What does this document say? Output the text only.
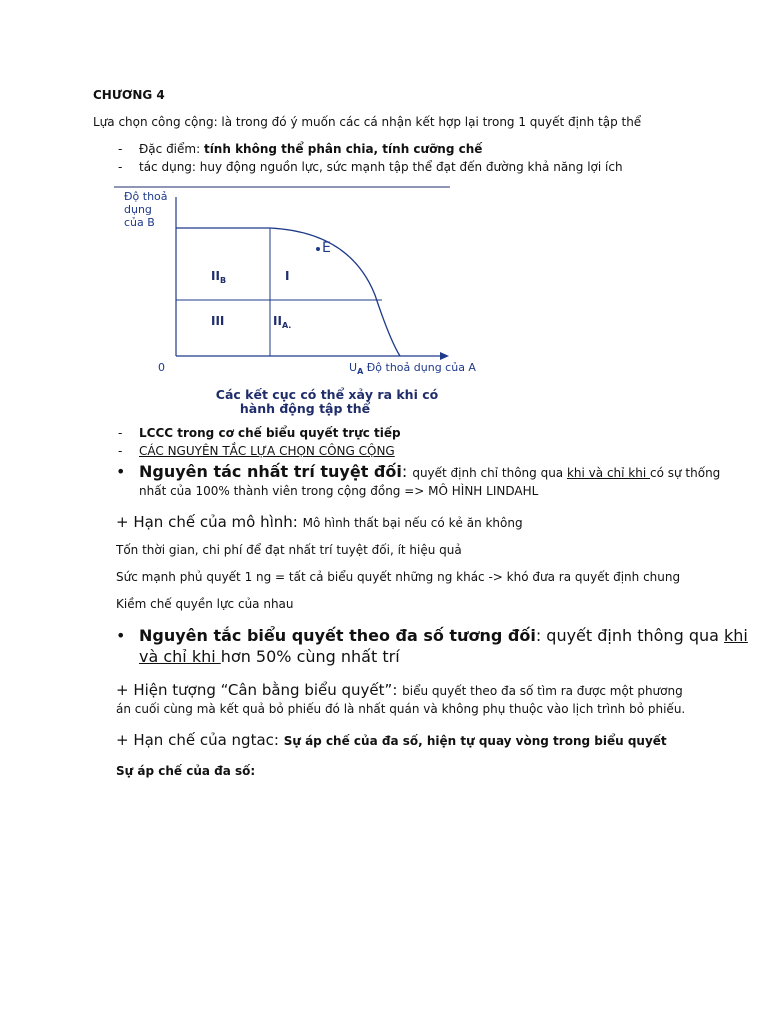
CHƯƠNG 4
Lựa chọn công cộng: là trong đó ý muốn các cá nhận kết hợp lại trong 1 quyết định tập thể
- Đặc điểm: tính không thể phân chia, tính cưỡng chế
- tác dụng: huy động nguồn lực, sức mạnh tập thể đạt đến đường khả năng lợi ích
E
Độ thoả
dụng
của B
0	$U_A$ Độ thoả dụng của A
$II_B$	I
III	$II_{A.}$
Các kết cục có thể xảy ra khi có
hành động tập thể
- LCCC trong cơ chế biểu quyết trực tiếp
- CÁC NGUYÊN TẮC LỰA CHỌN CÔNG CỘNG
• Nguyên tác nhất trí tuyệt đối: quyết định chỉ thông qua khi và chỉ khi có sự thống
nhất của 100% thành viên trong cộng đồng => MÔ HÌNH LINDAHL
+ Hạn chế của mô hình: Mô hình thất bại nếu có kẻ ăn không
Tốn thời gian, chi phí để đạt nhất trí tuyệt đối, ít hiệu quả
Sức mạnh phủ quyết 1 ng = tất cả biểu quyết những ng khác -> khó đưa ra quyết định chung
Kiềm chế quyền lực của nhau
• Nguyên tắc biểu quyết theo đa số tương đối: quyết định thông qua khi
và chỉ khi hơn 50% cùng nhất trí
+ Hiện tượng “Cân bằng biểu quyết”: biểu quyết theo đa số tìm ra được một phương
án cuối cùng mà kết quả bỏ phiếu đó là nhất quán và không phụ thuộc vào lịch trình bỏ phiếu.
+ Hạn chế của ngtac: Sự áp chế của đa số, hiện tự quay vòng trong biểu quyết
Sự áp chế của đa số:
